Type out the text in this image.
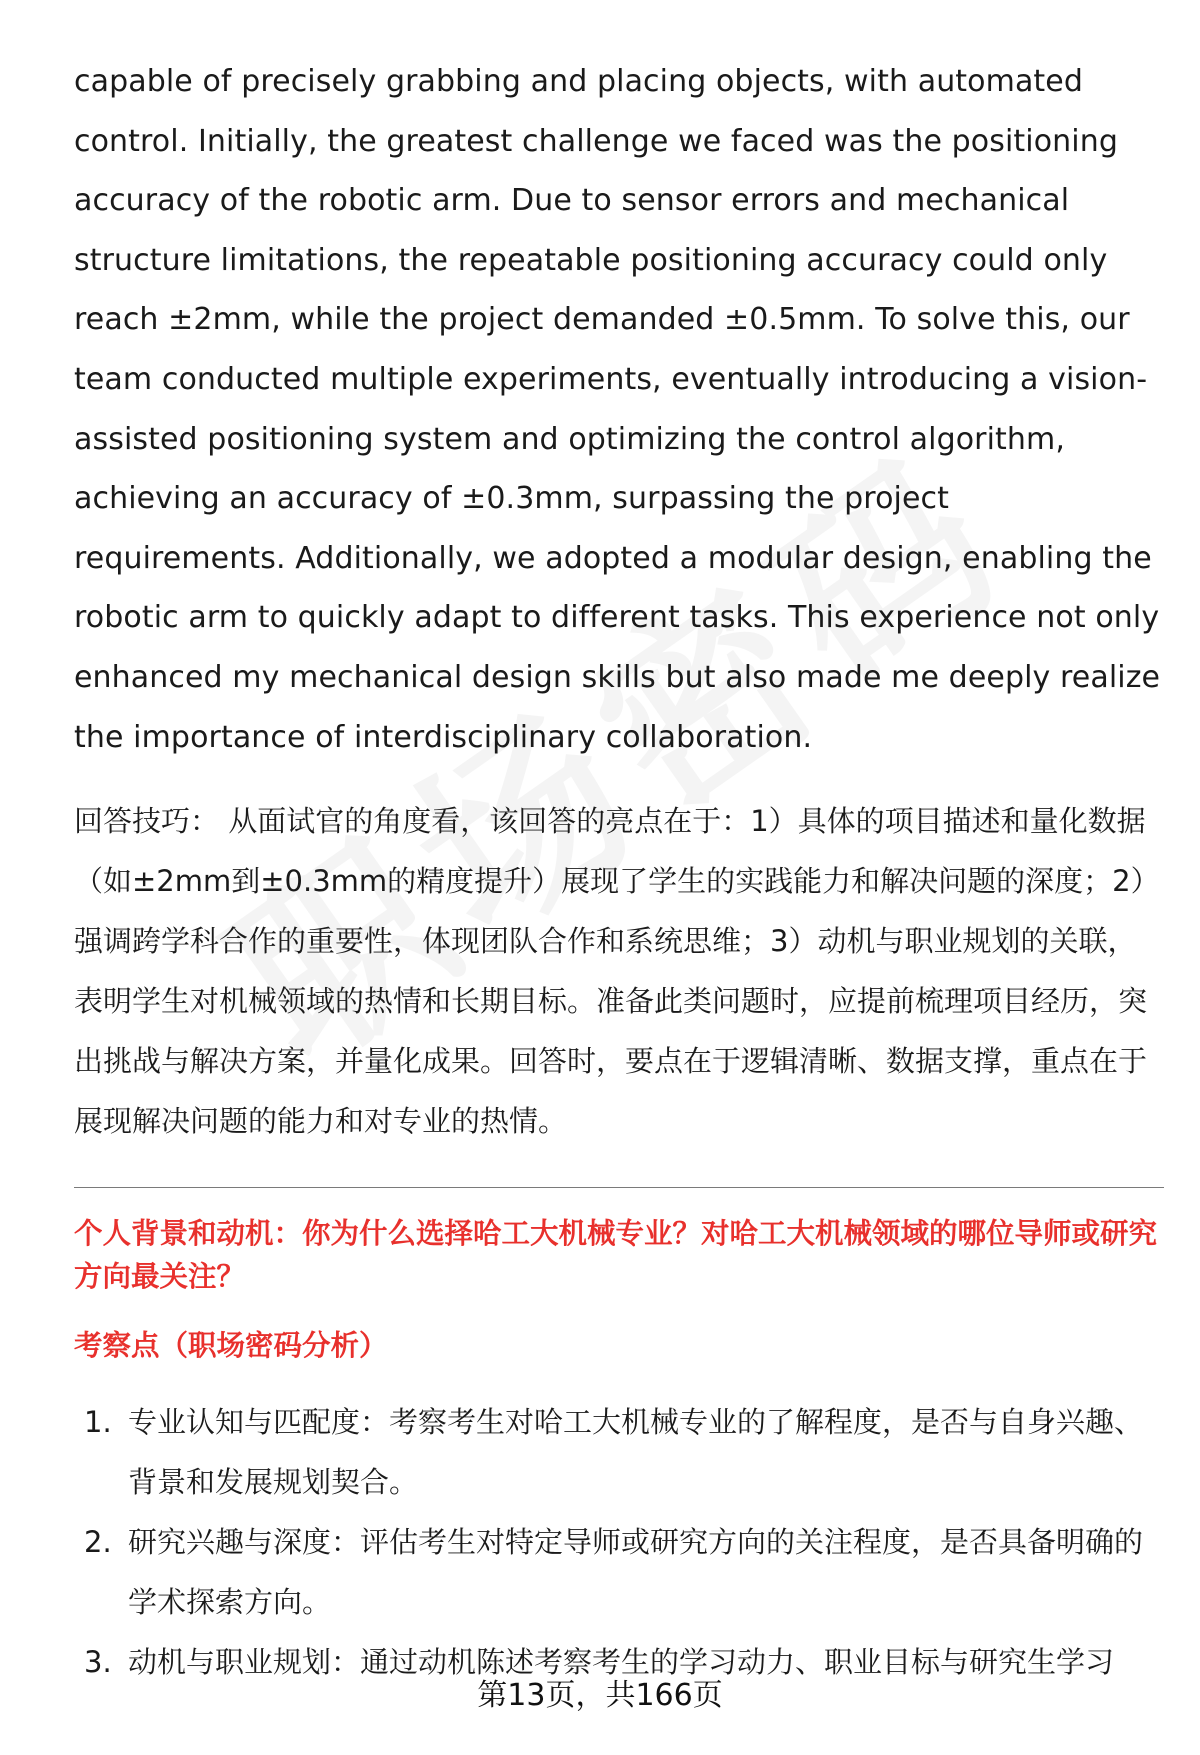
capable of precisely grabbing and placing objects, with automated control. Initially, the greatest challenge we faced was the positioning accuracy of the robotic arm. Due to sensor errors and mechanical structure limitations, the repeatable positioning accuracy could only reach ±2mm, while the project demanded ±0.5mm. To solve this, our team conducted multiple experiments, eventually introducing a vision-assisted positioning system and optimizing the control algorithm, achieving an accuracy of ±0.3mm, surpassing the project requirements. Additionally, we adopted a modular design, enabling the robotic arm to quickly adapt to different tasks. This experience not only enhanced my mechanical design skills but also made me deeply realize the importance of interdisciplinary collaboration.

回答技巧： 从面试官的角度看，该回答的亮点在于：1）具体的项目描述和量化数据（如±2mm到±0.3mm的精度提升）展现了学生的实践能力和解决问题的深度；2）强调跨学科合作的重要性，体现团队合作和系统思维；3）动机与职业规划的关联，表明学生对机械领域的热情和长期目标。准备此类问题时，应提前梳理项目经历，突出挑战与解决方案，并量化成果。回答时，要点在于逻辑清晰、数据支撑，重点在于展现解决问题的能力和对专业的热情。

个人背景和动机：你为什么选择哈工大机械专业？对哈工大机械领域的哪位导师或研究方向最关注？
考察点（职场密码分析）
1. 专业认知与匹配度：考察考生对哈工大机械专业的了解程度，是否与自身兴趣、背景和发展规划契合。
2. 研究兴趣与深度：评估考生对特定导师或研究方向的关注程度，是否具备明确的学术探索方向。
3. 动机与职业规划：通过动机陈述考察考生的学习动力、职业目标与研究生学习
第13页，共166页
